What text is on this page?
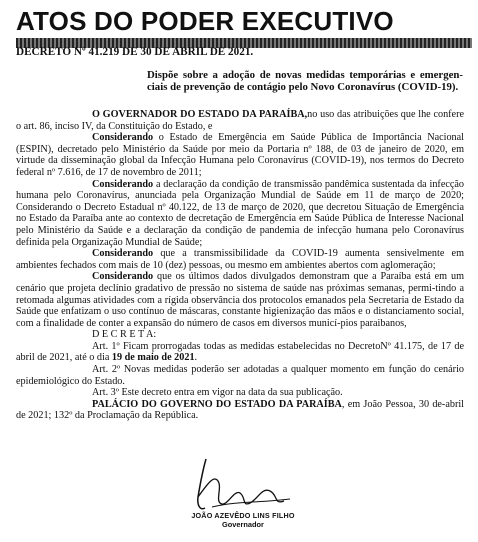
ATOS DO PODER EXECUTIVO
DECRETO Nº 41.219 DE 30 DE ABRIL DE 2021.
Dispõe sobre a adoção de novas medidas temporárias e emergen-ciais de prevenção de contágio pelo Novo Coronavírus (COVID-19).

O GOVERNADOR DO ESTADO DA PARAÍBA,no uso das atribuições que lhe confere o art. 86, inciso IV, da Constituição do Estado, e

Considerando o Estado de Emergência em Saúde Pública de Importância Nacional (ESPIN), decretado pelo Ministério da Saúde por meio da Portaria nº 188, de 03 de janeiro de 2020, em virtude da disseminação global da Infecção Humana pelo Coronavírus (COVID-19), nos termos do Decreto federal nº 7.616, de 17 de novembro de 2011;

Considerando a declaração da condição de transmissão pandêmica sustentada da infecção humana pelo Coronavírus, anunciada pela Organização Mundial de Saúde em 11 de março de 2020; Considerando o Decreto Estadual nº 40.122, de 13 de março de 2020, que decretou Situação de Emergência no Estado da Paraíba ante ao contexto de decretação de Emergência em Saúde Pública de Interesse Nacional pelo Ministério da Saúde e a declaração da condição de pandemia de infecção humana pelo Coronavírus definida pela Organização Mundial de Saúde;

Considerando que a transmissibilidade da COVID-19 aumenta sensivelmente em ambientes fechados com mais de 10 (dez) pessoas, ou mesmo em ambientes abertos com aglomeração;

Considerando que os últimos dados divulgados demonstram que a Paraíba está em um cenário que projeta declínio gradativo de pressão no sistema de saúde nas próximas semanas, permi-tindo a retomada algumas atividades com a rígida observância dos protocolos emanados pela Secretaria de Estado da Saúde que enfatizam o uso contínuo de máscaras, constante higienização das mãos e o distanciamento social, com a finalidade de conter a expansão do número de casos em diversos municí-pios paraibanos,

D E C R E T A:

Art. 1º Ficam prorrogadas todas as medidas estabelecidas no DecretoNº 41.175, de 17 de abril de 2021, até o dia 19 de maio de 2021.

Art. 2º Novas medidas poderão ser adotadas a qualquer momento em função do cenário epidemiológico do Estado.

Art. 3º Este decreto entra em vigor na data da sua publicação.

PALÁCIO DO GOVERNO DO ESTADO DA PARAÍBA, em João Pessoa, 30 de-abril de 2021; 132º da Proclamação da República.

JOÃO AZEVÊDO LINS FILHO
Governador
